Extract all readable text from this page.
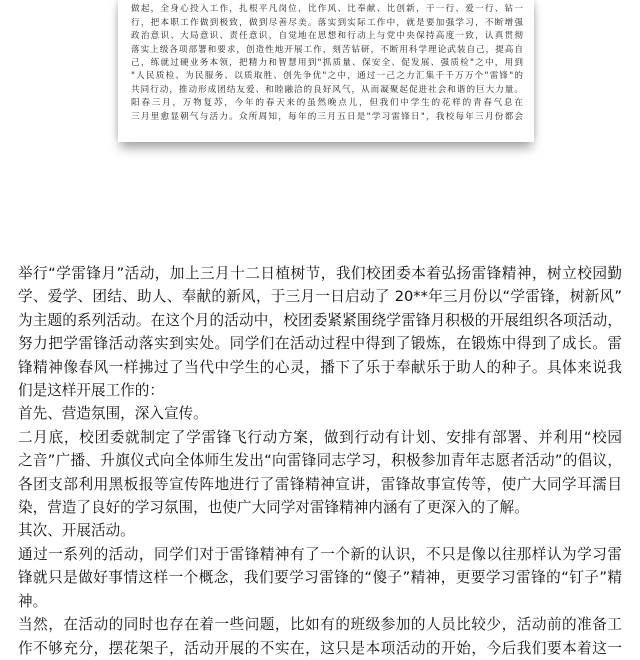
做起，全身心投入工作，扎根平凡岗位，比作风、比奉献、比创新，干一行、爱一行、钻一
行，把本职工作做到极致，做到尽善尽美。落实到实际工作中，就是要加强学习，不断增强
政治意识、大局意识、责任意识，自觉地在思想和行动上与党中央保持高度一致，认真贯彻
落实上级各项部署和要求，创造性地开展工作，刻苦钻研，不断用科学理论武装自己，提高自
己，练就过硬业务本领，把精力和智慧用到"抓质量、保安全、促发展、强质检"之中，用到
"人民质检、为民服务、以质取胜、创先争优"之中，通过一己之力汇集千千万万个"雷锋"的
共同行动，推动形成团结友爱、和睦融洽的良好风气，从而凝聚起促进社会和谐的巨大力量。
阳春三月，万物复苏，今年的春天来的虽然晚点儿，但我们中学生的花样的青春气息在
三月里愈显朝气与活力。众所周知，每年的三月五日是"学习雷锋日"，我校每年三月份都会
举行“学雷锋月”活动，加上三月十二日植树节，我们校团委本着弘扬雷锋精神，树立校园勤
学、爱学、团结、助人、奉献的新风，于三月一日启动了 20**年三月份以“学雷锋，树新风”
为主题的系列活动。在这个月的活动中，校团委紧紧围绕学雷锋月积极的开展组织各项活动，
努力把学雷锋活动落实到实处。同学们在活动过程中得到了锻炼，在锻炼中得到了成长。雷
锋精神像春风一样拂过了当代中学生的心灵，播下了乐于奉献乐于助人的种子。具体来说我
们是这样开展工作的：
首先、营造氛围，深入宣传。
二月底，校团委就制定了学雷锋飞行动方案，做到行动有计划、安排有部署、并利用“校园
之音”广播、升旗仪式向全体师生发出“向雷锋同志学习，积极参加青年志愿者活动”的倡议，
各团支部利用黑板报等宣传阵地进行了雷锋精神宣讲，雷锋故事宣传等，使广大同学耳濡目
染，营造了良好的学习氛围，也使广大同学对雷锋精神内涵有了更深入的了解。
其次、开展活动。
通过一系列的活动，同学们对于雷锋精神有了一个新的认识，不只是像以往那样认为学习雷
锋就只是做好事情这样一个概念，我们要学习雷锋的“傻子”精神，更要学习雷锋的“钉子”精
神。
当然，在活动的同时也存在着一些问题，比如有的班级参加的人员比较少，活动前的准备工
作不够充分，摆花架子，活动开展的不实在，这只是本项活动的开始，今后我们要本着这一
